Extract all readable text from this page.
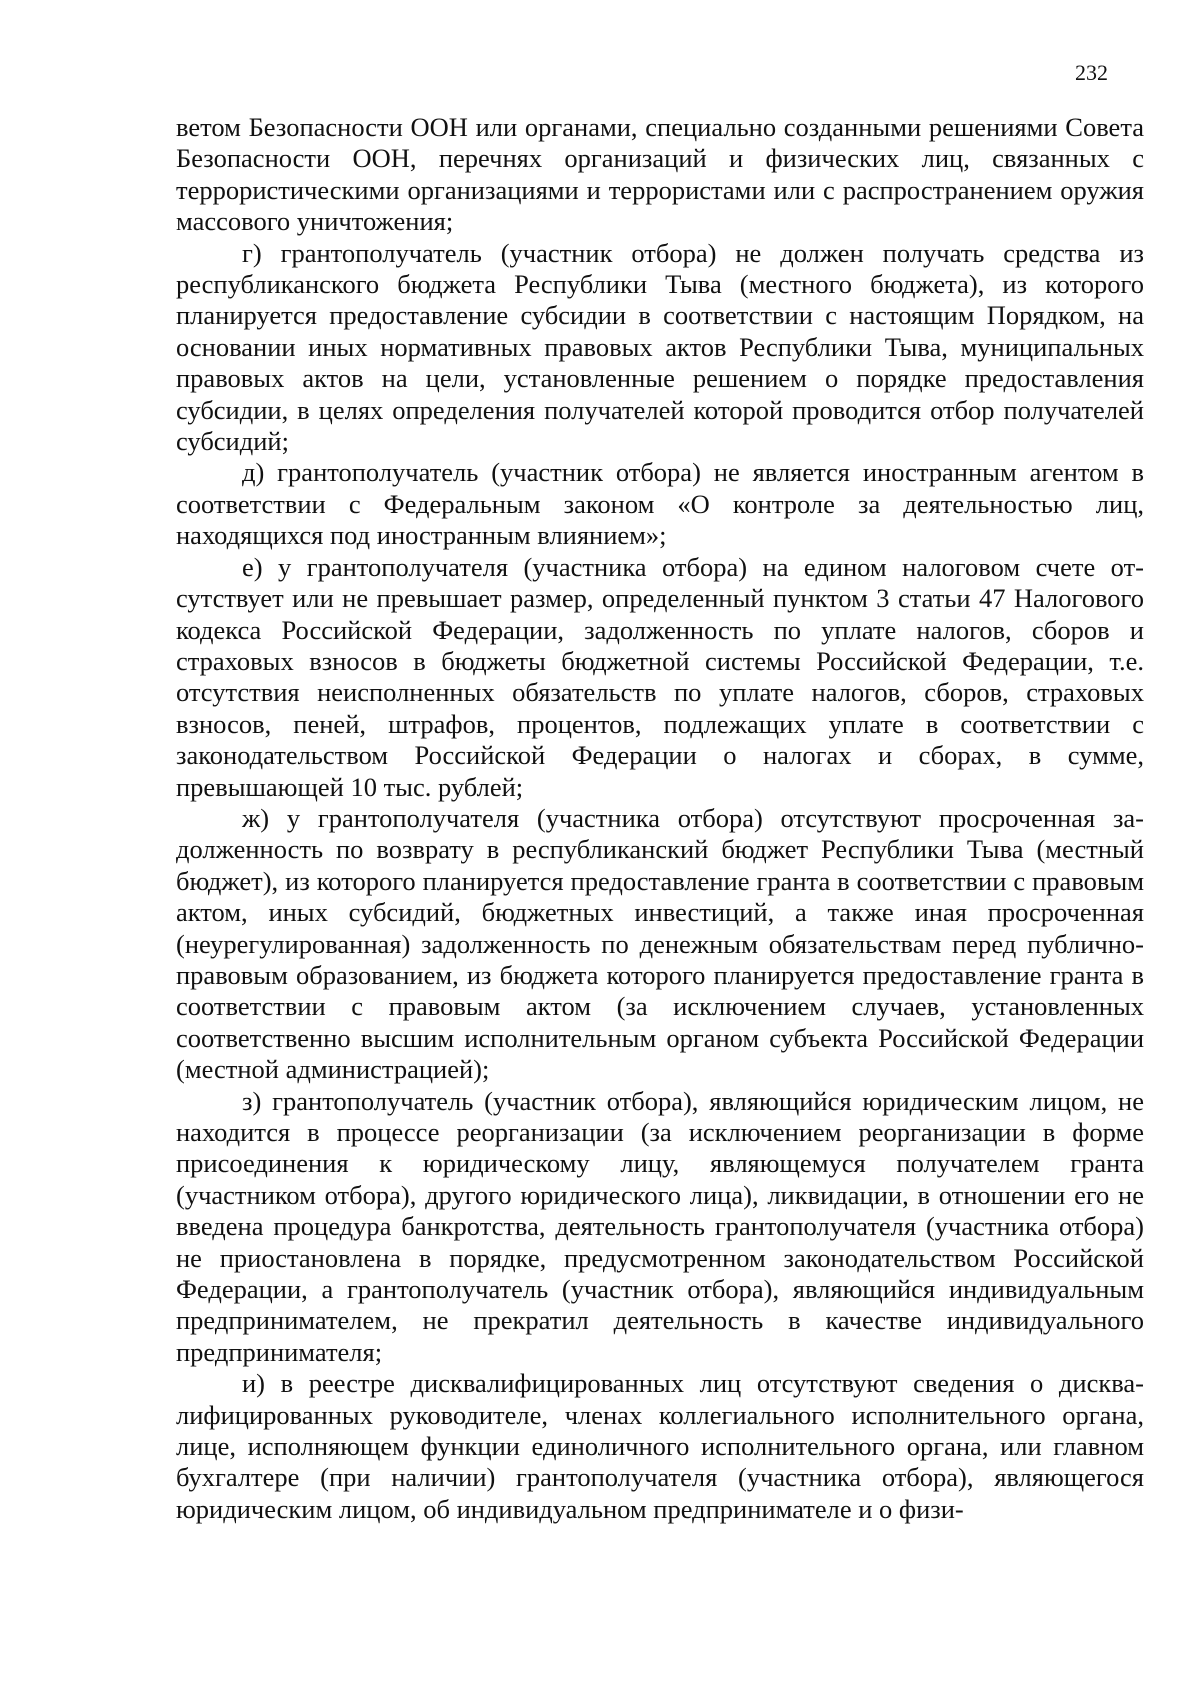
232

ветом Безопасности ООН или органами, специально созданными решениями Совета Безопасности ООН, перечнях организаций и физических лиц, связанных с террористическими организациями и террористами или с распространением оружия массового уничтожения;

г) грантополучатель (участник отбора) не должен получать средства из республиканского бюджета Республики Тыва (местного бюджета), из которого планируется предоставление субсидии в соответствии с настоящим Порядком, на основании иных нормативных правовых актов Республики Тыва, муниципальных правовых актов на цели, установленные решением о порядке предоставления субсидии, в целях определения получателей которой проводится отбор получателей субсидий;

д) грантополучатель (участник отбора) не является иностранным агентом в соответствии с Федеральным законом «О контроле за деятельностью лиц, находящихся под иностранным влиянием»;

е) у грантополучателя (участника отбора) на едином налоговом счете отсутствует или не превышает размер, определенный пунктом 3 статьи 47 Налогового кодекса Российской Федерации, задолженность по уплате налогов, сборов и страховых взносов в бюджеты бюджетной системы Российской Федерации, т.е. отсутствия неисполненных обязательств по уплате налогов, сборов, страховых взносов, пеней, штрафов, процентов, подлежащих уплате в соответствии с законодательством Российской Федерации о налогах и сборах, в сумме, превышающей 10 тыс. рублей;

ж) у грантополучателя (участника отбора) отсутствуют просроченная задолженность по возврату в республиканский бюджет Республики Тыва (местный бюджет), из которого планируется предоставление гранта в соответствии с правовым актом, иных субсидий, бюджетных инвестиций, а также иная просроченная (неурегулированная) задолженность по денежным обязательствам перед публично-правовым образованием, из бюджета которого планируется предоставление гранта в соответствии с правовым актом (за исключением случаев, установленных соответственно высшим исполнительным органом субъекта Российской Федерации (местной администрацией);

з) грантополучатель (участник отбора), являющийся юридическим лицом, не находится в процессе реорганизации (за исключением реорганизации в форме присоединения к юридическому лицу, являющемуся получателем гранта (участником отбора), другого юридического лица), ликвидации, в отношении его не введена процедура банкротства, деятельность грантополучателя (участника отбора) не приостановлена в порядке, предусмотренном законодательством Российской Федерации, а грантополучатель (участник отбора), являющийся индивидуальным предпринимателем, не прекратил деятельность в качестве индивидуального предпринимателя;

и) в реестре дисквалифицированных лиц отсутствуют сведения о дисквалифицированных руководителе, членах коллегиального исполнительного органа, лице, исполняющем функции единоличного исполнительного органа, или главном бухгалтере (при наличии) грантополучателя (участника отбора), являющегося юридическим лицом, об индивидуальном предпринимателе и о физи-
